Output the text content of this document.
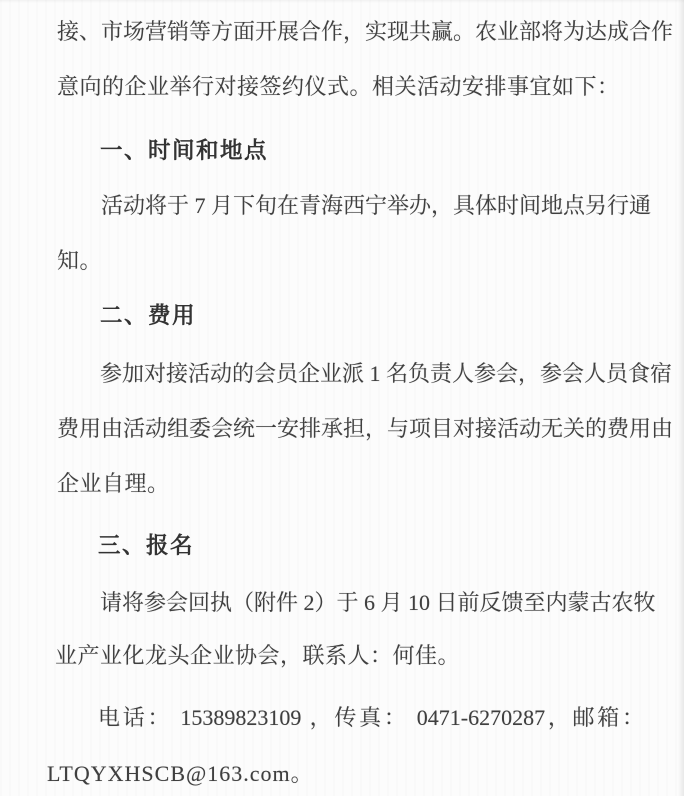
接、市场营销等方面开展合作，实现共赢。农业部将为达成合作
意向的企业举行对接签约仪式。相关活动安排事宜如下：
一、时间和地点
活动将于 7 月下旬在青海西宁举办，具体时间地点另行通
知。
二、费用
参加对接活动的会员企业派 1 名负责人参会，参会人员食宿
费用由活动组委会统一安排承担，与项目对接活动无关的费用由
企业自理。
三、报名
请将参会回执（附件 2）于 6 月 10 日前反馈至内蒙古农牧
业产业化龙头企业协会，联系人：何佳。
电话： 15389823109 ，传真： 0471-6270287，邮箱：
LTQYXHSCB@163.com。
